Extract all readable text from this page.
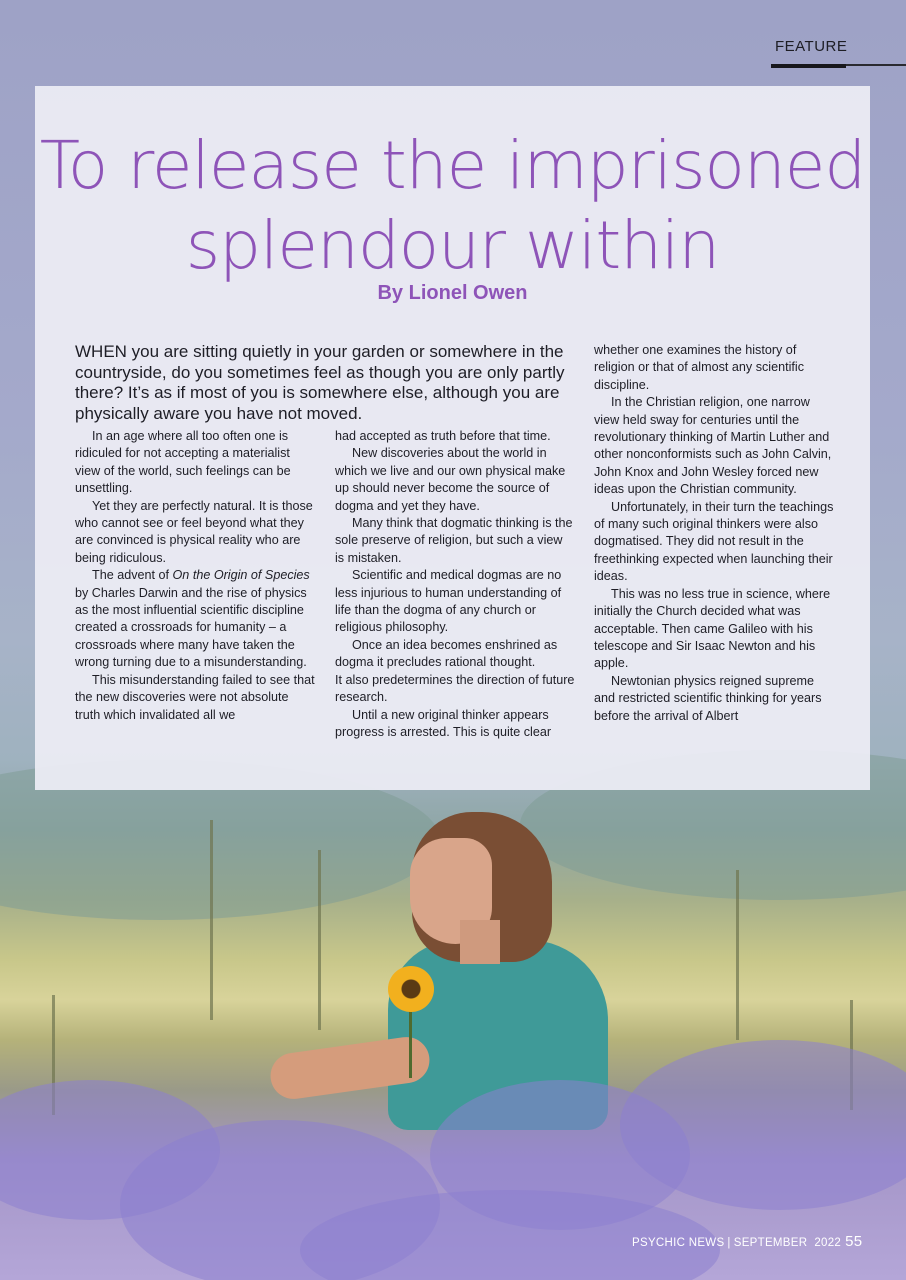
FEATURE
To release the imprisoned
splendour within
By Lionel Owen
WHEN you are sitting quietly in your garden or somewhere in the countryside, do you sometimes feel as though you are only partly there? It’s as if most of you is somewhere else, although you are physically aware you have not moved.

In an age where all too often one is ridiculed for not accepting a materialist view of the world, such feelings can be unsettling.

Yet they are perfectly natural. It is those who cannot see or feel beyond what they are convinced is physical reality who are being ridiculous.

The advent of On the Origin of Species by Charles Darwin and the rise of physics as the most influential scientific discipline created a crossroads for humanity – a crossroads where many have taken the wrong turning due to a misunderstanding.

This misunderstanding failed to see that the new discoveries were not absolute truth which invalidated all we

had accepted as truth before that time.

New discoveries about the world in which we live and our own physical make up should never become the source of dogma and yet they have.

Many think that dogmatic thinking is the sole preserve of religion, but such a view is mistaken.

Scientific and medical dogmas are no less injurious to human understanding of life than the dogma of any church or religious philosophy.

Once an idea becomes enshrined as dogma it precludes rational thought.

It also predetermines the direction of future research.

Until a new original thinker appears progress is arrested. This is quite clear

whether one examines the history of religion or that of almost any scientific discipline.

In the Christian religion, one narrow view held sway for centuries until the revolutionary thinking of Martin Luther and other nonconformists such as John Calvin, John Knox and John Wesley forced new ideas upon the Christian community.

Unfortunately, in their turn the teachings of many such original thinkers were also dogmatised. They did not result in the freethinking expected when launching their ideas.

This was no less true in science, where initially the Church decided what was acceptable. Then came Galileo with his telescope and Sir Isaac Newton and his apple.

Newtonian physics reigned supreme and restricted scientific thinking for years before the arrival of Albert

PSYCHIC NEWS | SEPTEMBER  2022 55
